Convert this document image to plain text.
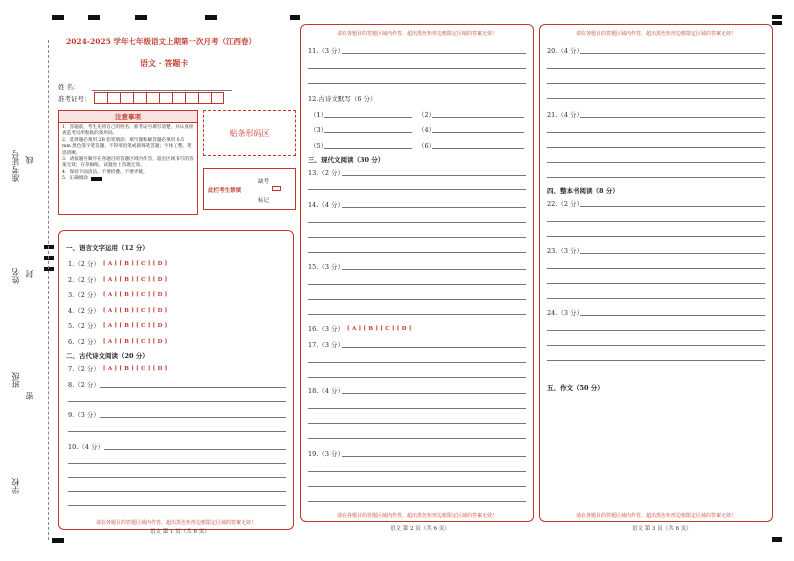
准考证号 线
姓名 封
班级
密
学校
2024-2025 学年七年级语文上期第一次月考（江西卷）
语文 · 答题卡
姓 名：
准考证号：
注意事项
1．答题前，考生先将自己的姓名、准考证号填写清楚，并认真检查监考员所粘贴的条形码。
2．选择题必须用 2B 铅笔填涂；填空题和解答题必须用 0.5 mm 黑色签字笔答题，不得用铅笔或圆珠笔答题；字体工整、笔迹清晰。
3．请按题号顺序在各题目的答题区域内作答，超出区域书写的答案无效；在草稿纸、试题卷上答题无效。
4．保持卡面清洁，不要折叠、不要弄破。
5．正确填涂
贴条形码区
缺考
此栏考生禁填
标记
一、语言文字运用（12 分）
1.（2 分） [ A ] [ B ] [ C ] [ D ]
2.（2 分） [ A ] [ B ] [ C ] [ D ]
3.（2 分） [ A ] [ B ] [ C ] [ D ]
4.（2 分） [ A ] [ B ] [ C ] [ D ]
5.（2 分） [ A ] [ B ] [ C ] [ D ]
6.（2 分） [ A ] [ B ] [ C ] [ D ]
二、古代诗文阅读（20 分）
7.（2 分） [ A ] [ B ] [ C ] [ D ]
8.（2 分）
9.（3 分）
10.（4 分）
请在各题目的答题区域内作答，超出黑色矩形边框限定区域的答案无效！
语文 第 1 页（共 6 页）
请在各题目的答题区域内作答，超出黑色矩形边框限定区域的答案无效！
11.（3 分）
12.古诗文默写（6 分）
（1）	（2）
（3）	（4）
（5）	（6）
三、现代文阅读（30 分）
13.（2 分）
14.（4 分）
15.（3 分）
16.（3 分） [ A ] [ B ] [ C ] [ D ]
17.（3 分）
18.（4 分）
19.（3 分）
请在各题目的答题区域内作答，超出黑色矩形边框限定区域的答案无效！
语文 第 2 页（共 6 页）
请在各题目的答题区域内作答，超出黑色矩形边框限定区域的答案无效！
20.（4 分）
21.（4 分）
四、整本书阅读（8 分）
22.（2 分）
23.（3 分）
24.（3 分）
五、作文（50 分）
请在各题目的答题区域内作答，超出黑色矩形边框限定区域的答案无效！
语文 第 3 页（共 6 页）
